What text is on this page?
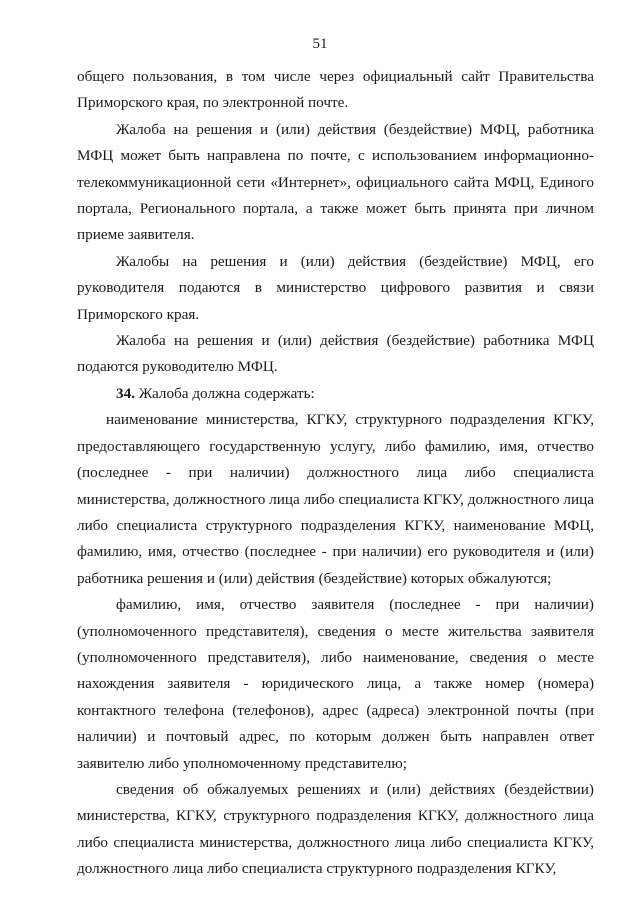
51

общего пользования, в том числе через официальный сайт Правительства Приморского края, по электронной почте.

Жалоба на решения и (или) действия (бездействие) МФЦ, работника МФЦ может быть направлена по почте, с использованием информационно-телекоммуникационной сети «Интернет», официального сайта МФЦ, Единого портала, Регионального портала, а также может быть принята при личном приеме заявителя.

Жалобы на решения и (или) действия (бездействие) МФЦ, его руководителя подаются в министерство цифрового развития и связи Приморского края.

Жалоба на решения и (или) действия (бездействие) работника МФЦ подаются руководителю МФЦ.

34. Жалоба должна содержать:

наименование министерства, КГКУ, структурного подразделения КГКУ, предоставляющего государственную услугу, либо фамилию, имя, отчество (последнее - при наличии) должностного лица либо специалиста министерства, должностного лица либо специалиста КГКУ, должностного лица либо специалиста структурного подразделения КГКУ, наименование МФЦ, фамилию, имя, отчество (последнее - при наличии) его руководителя и (или) работника решения и (или) действия (бездействие) которых обжалуются;

фамилию, имя, отчество заявителя (последнее - при наличии) (уполномоченного представителя), сведения о месте жительства заявителя (уполномоченного представителя), либо наименование, сведения о месте нахождения заявителя - юридического лица, а также номер (номера) контактного телефона (телефонов), адрес (адреса) электронной почты (при наличии) и почтовый адрес, по которым должен быть направлен ответ заявителю либо уполномоченному представителю;

сведения об обжалуемых решениях и (или) действиях (бездействии) министерства, КГКУ, структурного подразделения КГКУ, должностного лица либо специалиста министерства, должностного лица либо специалиста КГКУ, должностного лица либо специалиста структурного подразделения КГКУ,
